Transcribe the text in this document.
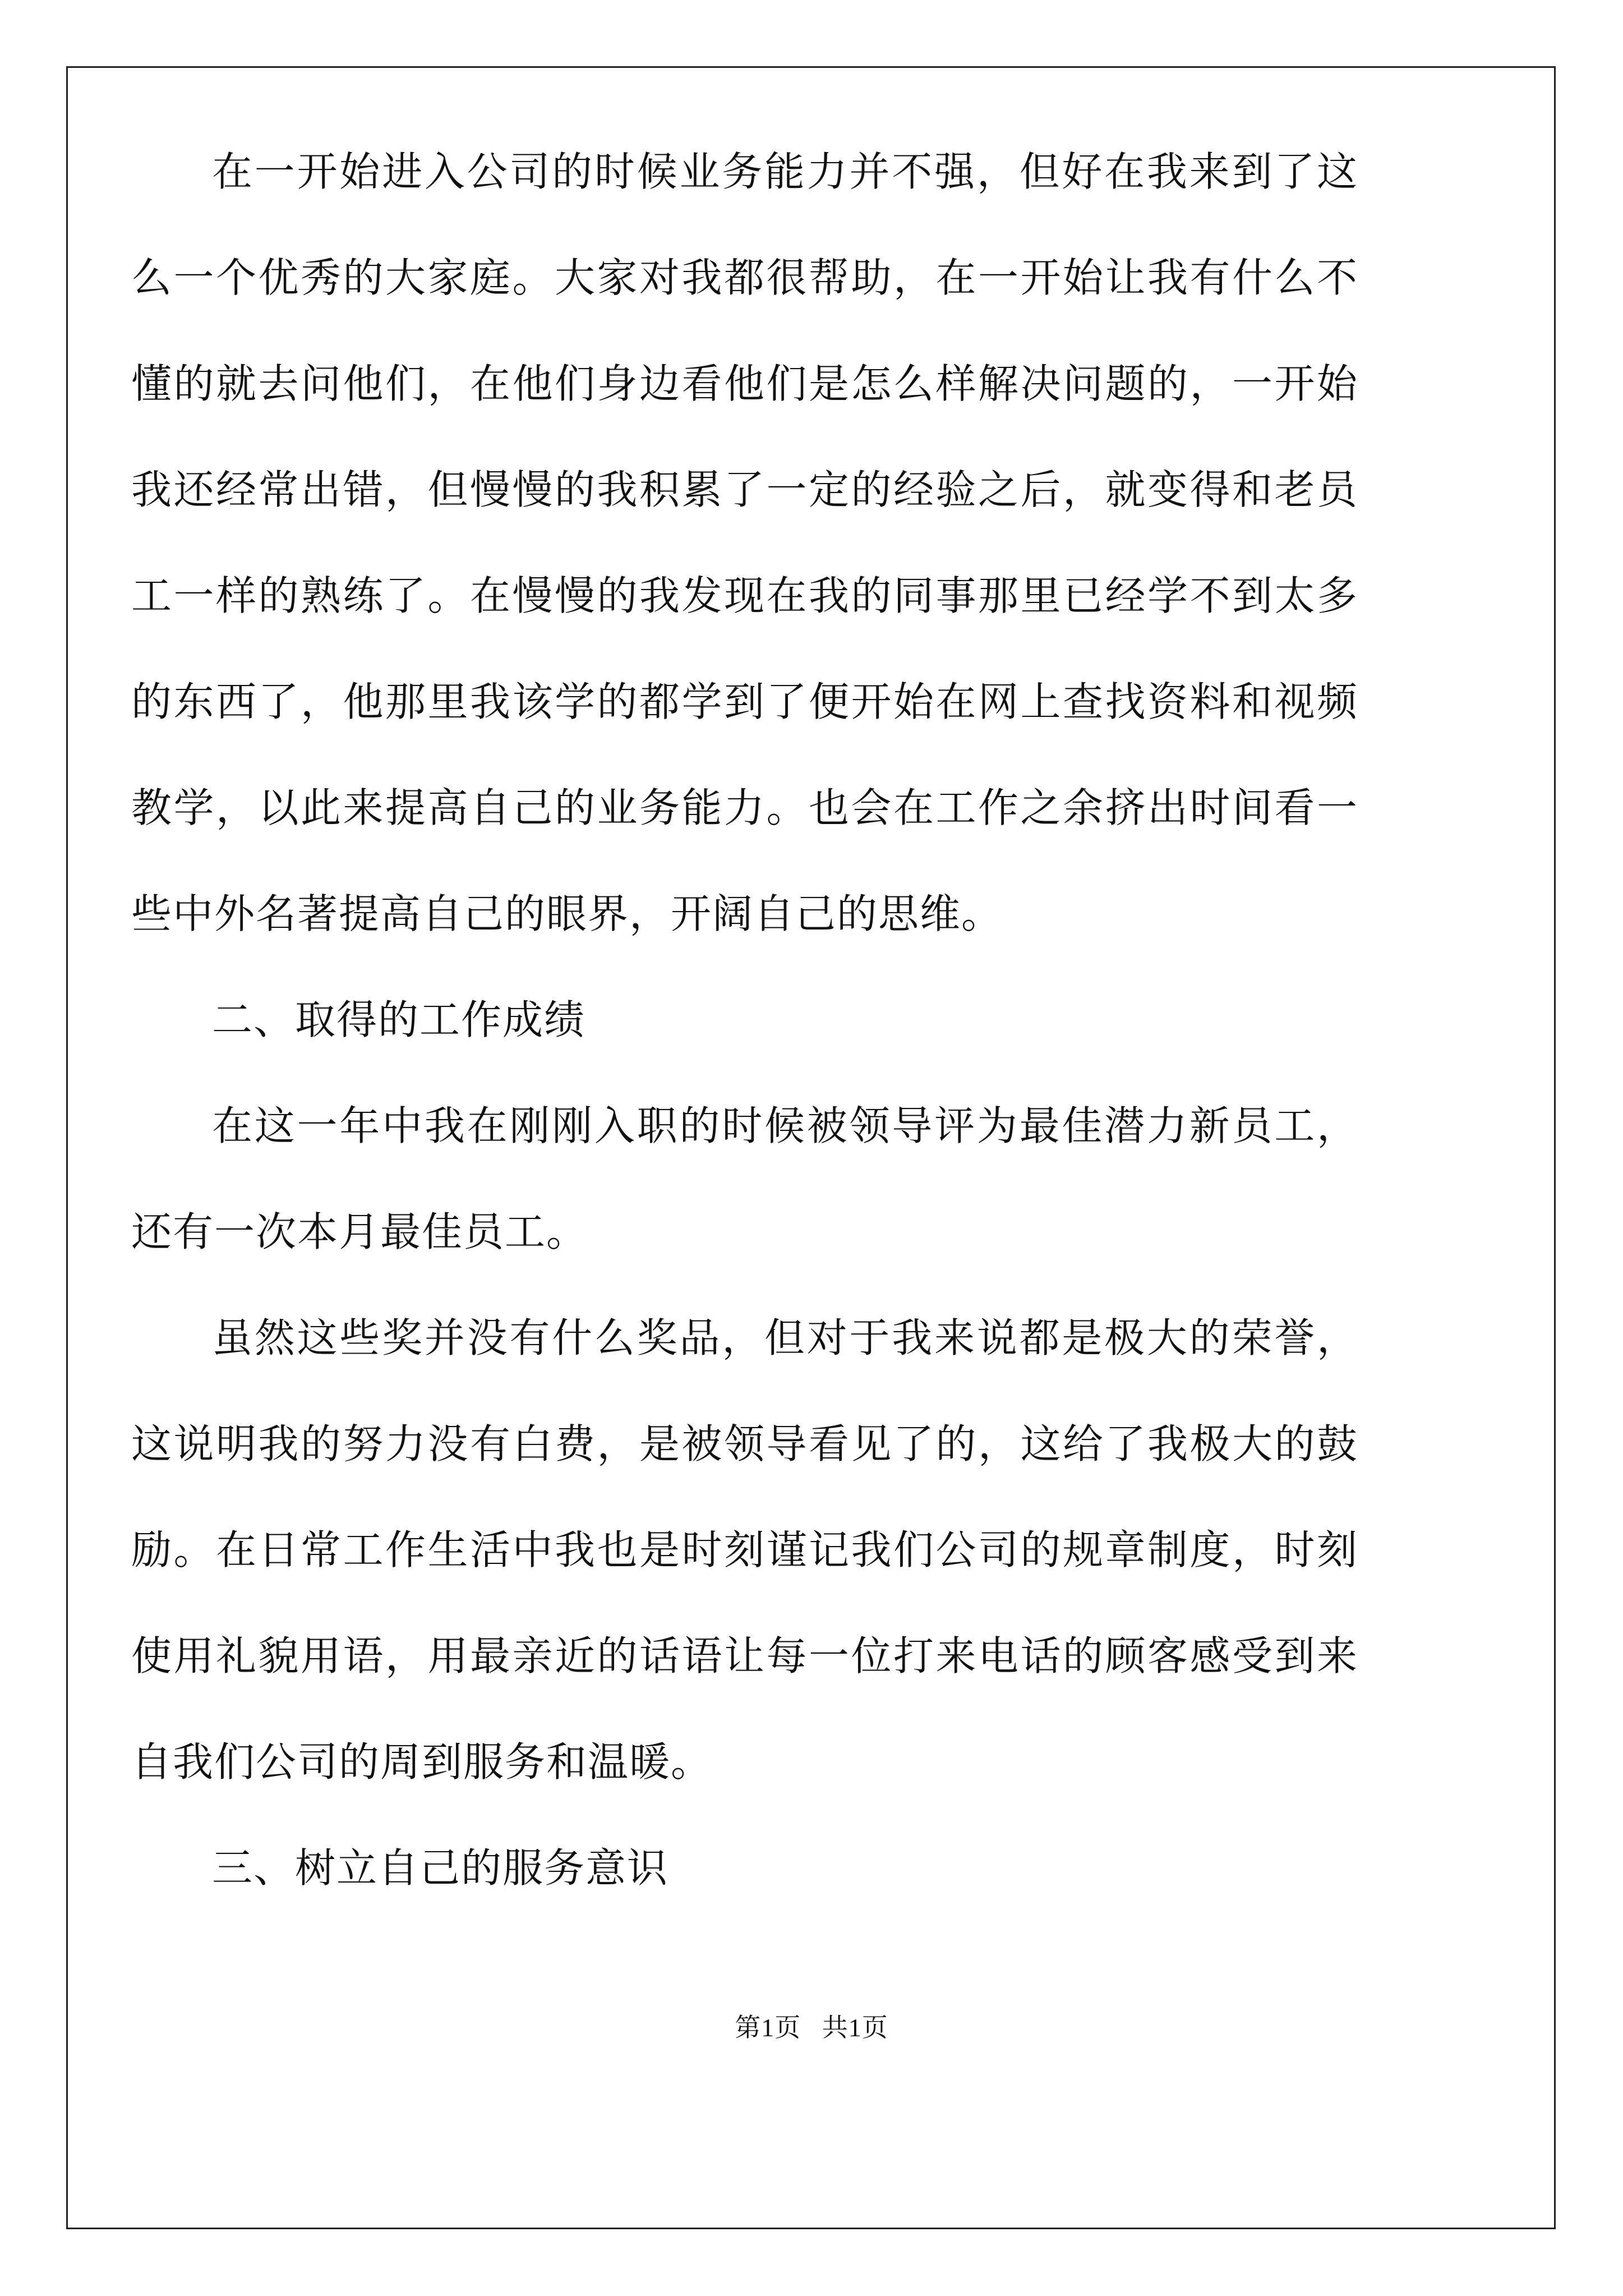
在一开始进入公司的时候业务能力并不强，但好在我来到了这么一个优秀的大家庭。大家对我都很帮助，在一开始让我有什么不懂的就去问他们，在他们身边看他们是怎么样解决问题的，一开始我还经常出错，但慢慢的我积累了一定的经验之后，就变得和老员工一样的熟练了。在慢慢的我发现在我的同事那里已经学不到太多的东西了，他那里我该学的都学到了便开始在网上查找资料和视频教学，以此来提高自己的业务能力。也会在工作之余挤出时间看一些中外名著提高自己的眼界，开阔自己的思维。

二、取得的工作成绩

在这一年中我在刚刚入职的时候被领导评为最佳潜力新员工，还有一次本月最佳员工。

虽然这些奖并没有什么奖品，但对于我来说都是极大的荣誉，这说明我的努力没有白费，是被领导看见了的，这给了我极大的鼓励。在日常工作生活中我也是时刻谨记我们公司的规章制度，时刻使用礼貌用语，用最亲近的话语让每一位打来电话的顾客感受到来自我们公司的周到服务和温暖。

三、树立自己的服务意识

第1页 共1页
